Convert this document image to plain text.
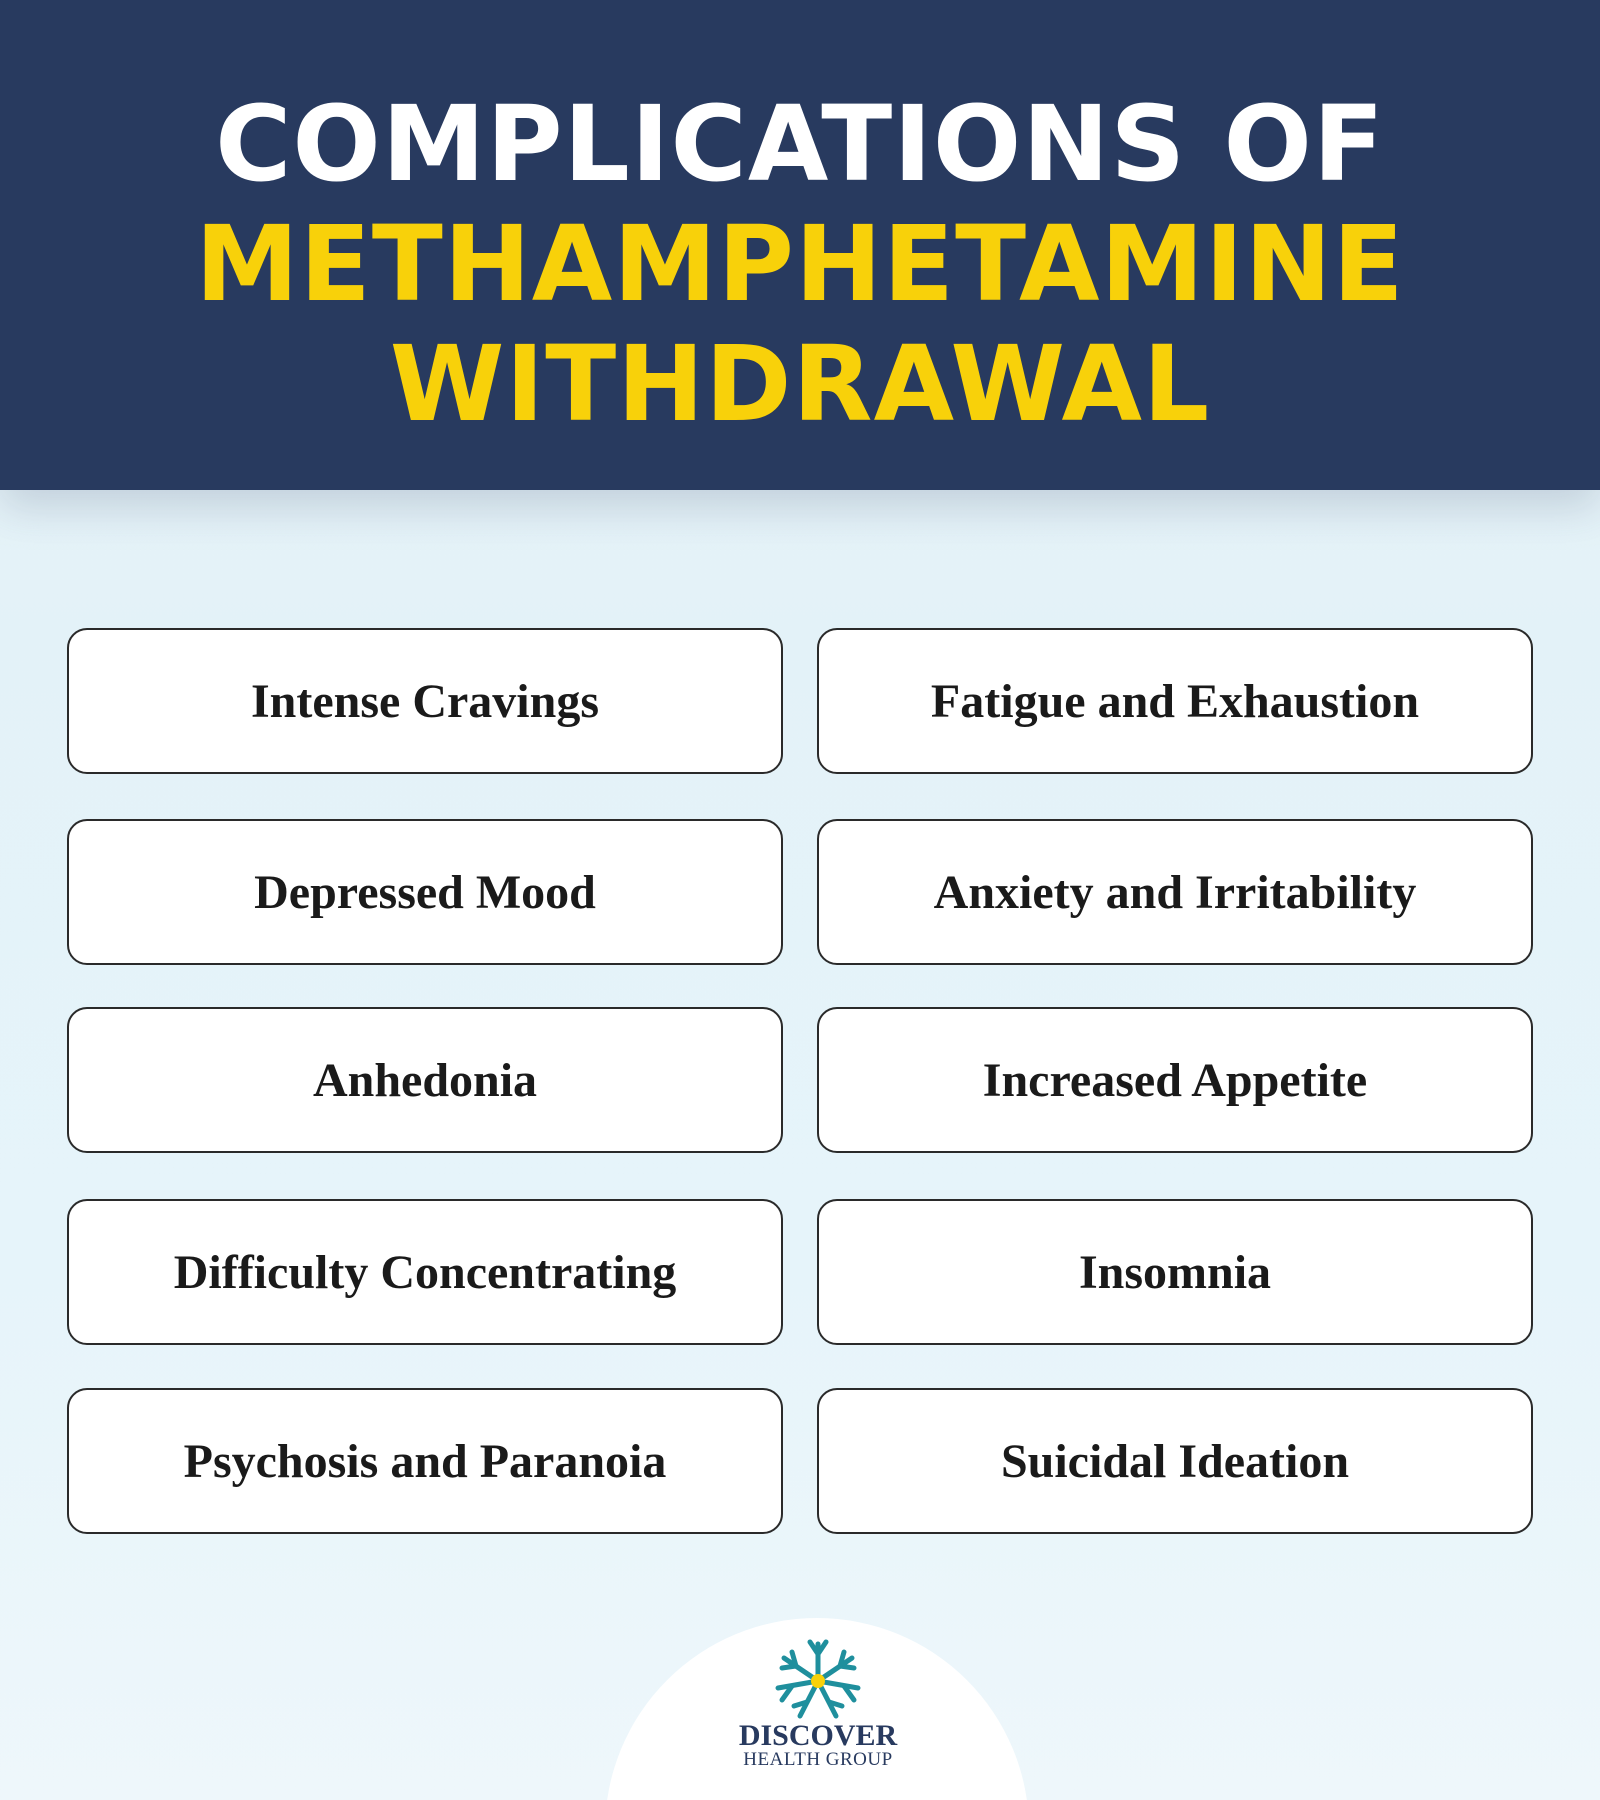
COMPLICATIONS OF
METHAMPHETAMINE
WITHDRAWAL
Intense Cravings	Fatigue and Exhaustion
Depressed Mood	Anxiety and Irritability
Anhedonia	Increased Appetite
Difficulty Concentrating	Insomnia
Psychosis and Paranoia	Suicidal Ideation
DISCOVER
HEALTH GROUP
